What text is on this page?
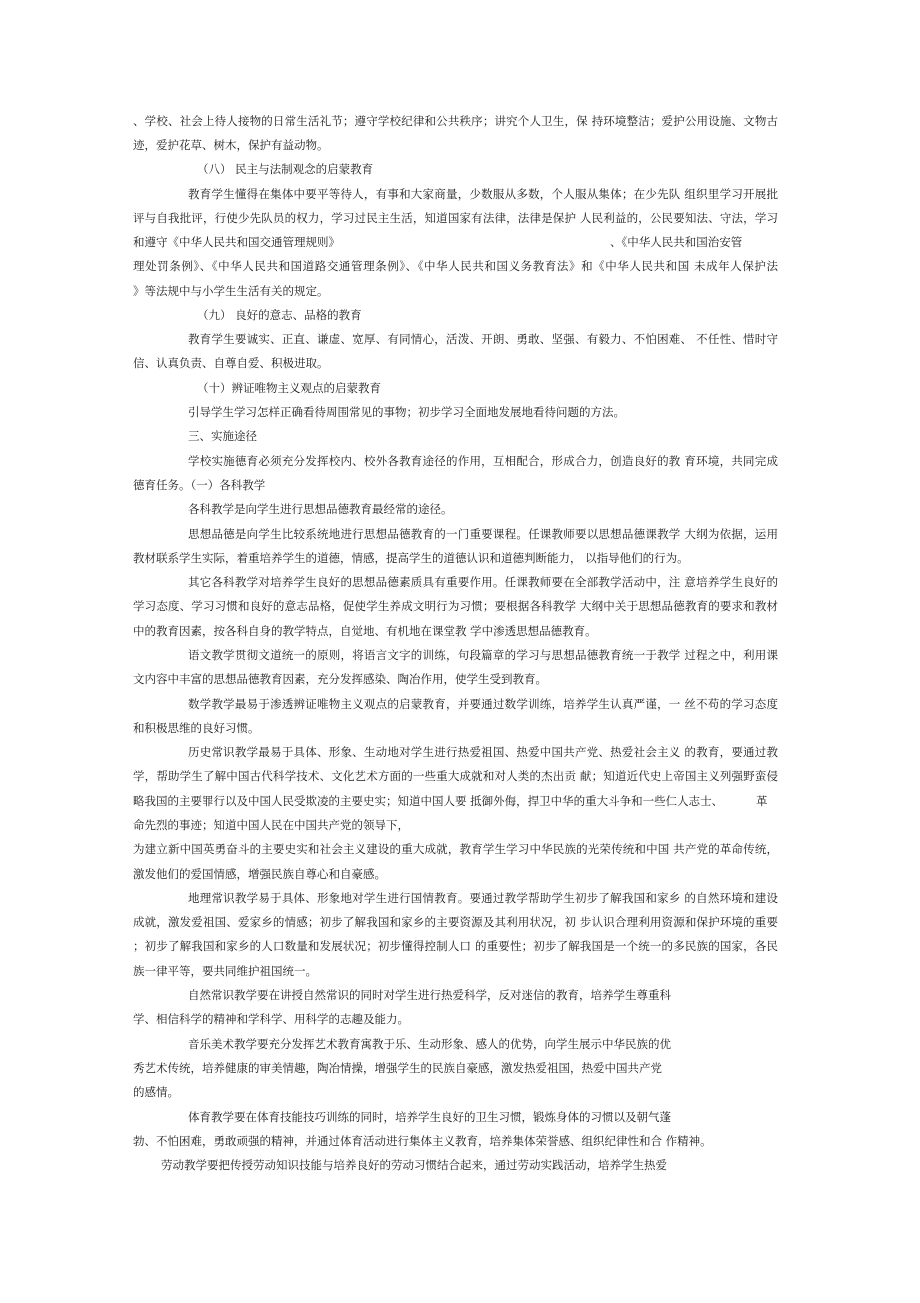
、学校、社会上待人接物的日常生活礼节；遵守学校纪律和公共秩序；讲究个人卫生，保 持环境整洁；爱护公用设施、文物古

迹，爱护花草、树木，保护有益动物。

（八） 民主与法制观念的启蒙教育

教育学生懂得在集体中要平等待人，有事和大家商量，少数服从多数，个人服从集体；在少先队 组织里学习开展批

评与自我批评，行使少先队员的权力，学习过民主生活，知道国家有法律，法律是保护 人民利益的，公民要知法、守法，学习

和遵守《中华人民共和国交通管理规则》	、《中华人民共和国治安管

理处罚条例》、《中华人民共和国道路交通管理条例》、《中华人民共和国义务教育法》和《中华人民共和国 未成年人保护法

》等法规中与小学生生活有关的规定。

（九） 良好的意志、品格的教育

教育学生要诚实、正直、谦虚、宽厚、有同情心，活泼、开朗、勇敢、坚强、有毅力、不怕困难、 不任性、惜时守

信、认真负责、自尊自爱、积极进取。

（十）辨证唯物主义观点的启蒙教育

引导学生学习怎样正确看待周围常见的事物；初步学习全面地发展地看待问题的方法。

三、实施途径

学校实施德育必须充分发挥校内、校外各教育途径的作用，互相配合，形成合力，创造良好的教 育环境，共同完成

德育任务。（一）各科教学

各科教学是向学生进行思想品德教育最经常的途径。

思想品德是向学生比较系统地进行思想品德教育的一门重要课程。任课教师要以思想品德课教学 大纲为依据，运用

教材联系学生实际，着重培养学生的道德，情感，提高学生的道德认识和道德判断能力， 以指导他们的行为。

其它各科教学对培养学生良好的思想品德素质具有重要作用。任课教师要在全部教学活动中，注 意培养学生良好的

学习态度、学习习惯和良好的意志品格，促使学生养成文明行为习惯；要根据各科教学 大纲中关于思想品德教育的要求和教材

中的教育因素，按各科自身的教学特点，自觉地、有机地在课堂教 学中渗透思想品德教育。

语文教学贯彻文道统一的原则，将语言文字的训练，句段篇章的学习与思想品德教育统一于教学 过程之中，利用课

文内容中丰富的思想品德教育因素，充分发挥感染、陶冶作用，使学生受到教育。

数学教学最易于渗透辨证唯物主义观点的启蒙教育，并要通过数学训练，培养学生认真严谨，一 丝不苟的学习态度

和积极思维的良好习惯。

历史常识教学最易于具体、形象、生动地对学生进行热爱祖国、热爱中国共产党、热爱社会主义 的教育，要通过教

学，帮助学生了解中国古代科学技术、文化艺术方面的一些重大成就和对人类的杰出贡 献；知道近代史上帝国主义列强野蛮侵

略我国的主要罪行以及中国人民受欺凌的主要史实；知道中国人要 抵御外侮，捍卫中华的重大斗争和一些仁人志士、	革

命先烈的事迹；知道中国人民在中国共产党的领导下，

为建立新中国英勇奋斗的主要史实和社会主义建设的重大成就，教育学生学习中华民族的光荣传统和中国 共产党的革命传统，

激发他们的爱国情感，增强民族自尊心和自豪感。

地理常识教学易于具体、形象地对学生进行国情教育。要通过教学帮助学生初步了解我国和家乡 的自然环境和建设

成就，激发爱祖国、爱家乡的情感；初步了解我国和家乡的主要资源及其利用状况，初 步认识合理利用资源和保护环境的重要

；初步了解我国和家乡的人口数量和发展状况；初步懂得控制人口 的重要性；初步了解我国是一个统一的多民族的国家，各民

族一律平等，要共同维护祖国统一。

自然常识教学要在讲授自然常识的同时对学生进行热爱科学，反对迷信的教育，培养学生尊重科

学、相信科学的精神和学科学、用科学的志趣及能力。

音乐美术教学要充分发挥艺术教育寓教于乐、生动形象、感人的优势，向学生展示中华民族的优

秀艺术传统，培养健康的审美情趣，陶冶情操，增强学生的民族自豪感，激发热爱祖国，热爱中国共产党

的感情。

体育教学要在体育技能技巧训练的同时，培养学生良好的卫生习惯，锻炼身体的习惯以及朝气蓬

勃、不怕困难，勇敢顽强的精神，并通过体育活动进行集体主义教育，培养集体荣誉感、组织纪律性和合 作精神。

劳动教学要把传授劳动知识技能与培养良好的劳动习惯结合起来，通过劳动实践活动，培养学生热爱
